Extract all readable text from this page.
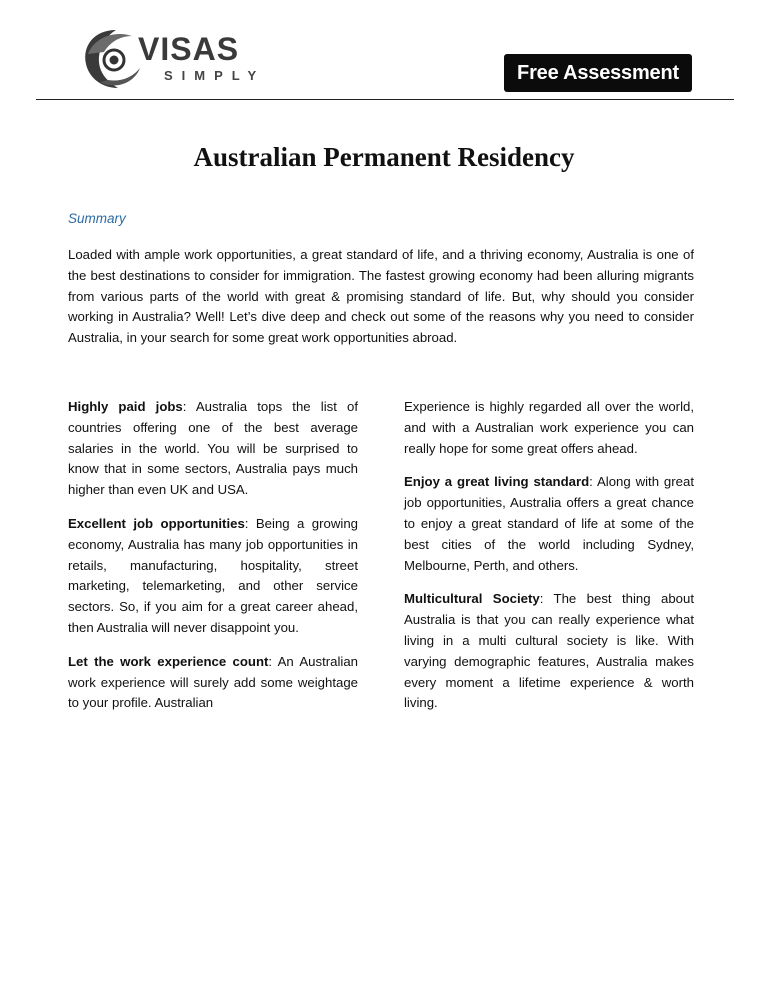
VISAS
SIMPLY	Free Assessment
Australian Permanent Residency
Summary
Loaded with ample work opportunities, a great standard of life, and a thriving economy, Australia is one of the best destinations to consider for immigration. The fastest growing economy had been alluring migrants from various parts of the world with great & promising standard of life. But, why should you consider working in Australia? Well! Let’s dive deep and check out some of the reasons why you need to consider Australia, in your search for some great work opportunities abroad.

Highly paid jobs: Australia tops the list of countries offering one of the best average salaries in the world. You will be surprised to know that in some sectors, Australia pays much higher than even UK and USA.

Excellent job opportunities: Being a growing economy, Australia has many job opportunities in retails, manufacturing, hospitality, street marketing, telemarketing, and other service sectors. So, if you aim for a great career ahead, then Australia will never disappoint you.

Let the work experience count: An Australian work experience will surely add some weightage to your profile. Australian

Experience is highly regarded all over the world, and with a Australian work experience you can really hope for some great offers ahead.

Enjoy a great living standard: Along with great job opportunities, Australia offers a great chance to enjoy a great standard of life at some of the best cities of the world including Sydney, Melbourne, Perth, and others.

Multicultural Society: The best thing about Australia is that you can really experience what living in a multi cultural society is like. With varying demographic features, Australia makes every moment a lifetime experience & worth living.
